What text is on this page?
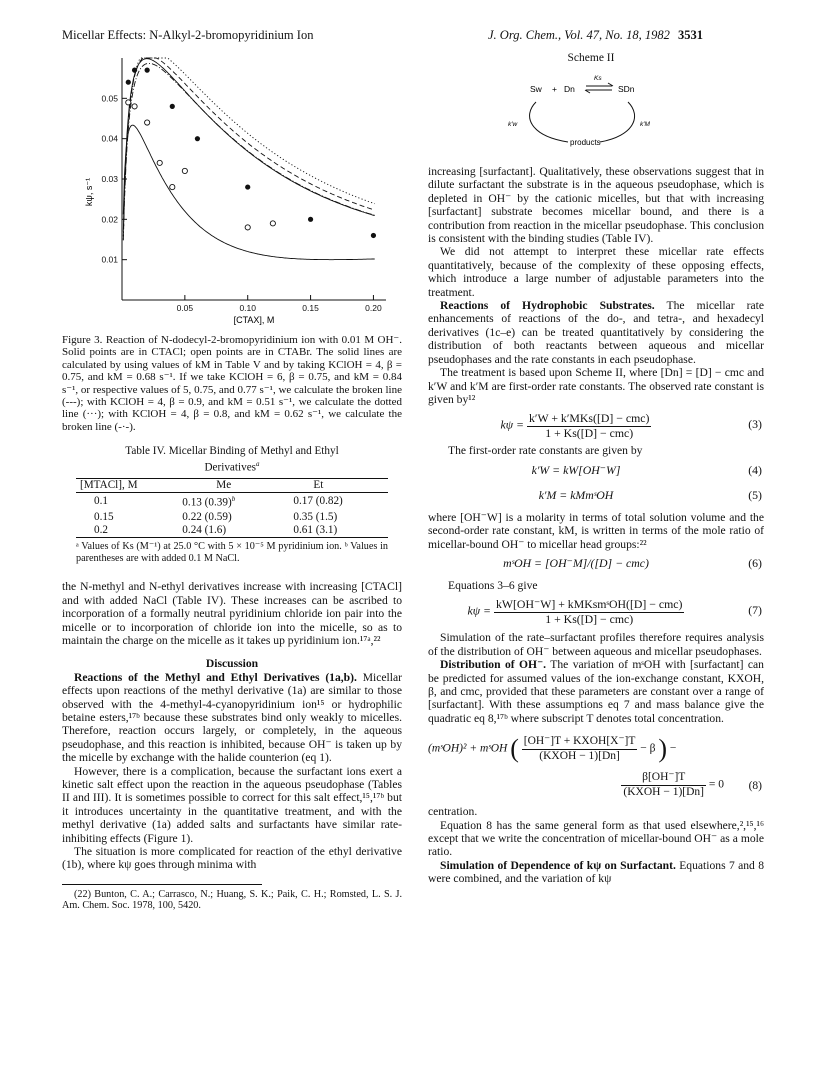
Micellar Effects: N-Alkyl-2-bromopyridinium Ion	J. Org. Chem., Vol. 47, No. 18, 1982 3531
0.05
0.04
0.03
0.02
0.01
0.05	0.10	0.15	0.20
kψ, s⁻¹
[CTAX], M

Figure 3. Reaction of N-dodecyl-2-bromopyridinium ion with 0.01 M OH⁻. Solid points are in CTACl; open points are in CTABr. The solid lines are calculated by using values of kM in Table V and by taking KClOH = 4, β = 0.75, and kM = 0.68 s⁻¹. If we take KClOH = 6, β = 0.75, and kM = 0.84 s⁻¹, or respective values of 5, 0.75, and 0.77 s⁻¹, we calculate the broken line (---); with KClOH = 4, β = 0.9, and kM = 0.51 s⁻¹, we calculate the dotted line (···); with KClOH = 4, β = 0.8, and kM = 0.62 s⁻¹, we calculate the broken line (-·-).

Table IV. Micellar Binding of Methyl and Ethyl Derivatives$^a$
[MTACl], M	Me	Et
0.1	0.13 $(0.39)^b$	0.17 (0.82)
0.15	0.22 (0.59)	0.35 (1.5)
0.2	0.24 (1.6)	0.61 (3.1)

ᵃ Values of Ks (M⁻¹) at 25.0 °C with 5 × 10⁻⁵ M pyridinium ion. ᵇ Values in parentheses are with added 0.1 M NaCl.

the N-methyl and N-ethyl derivatives increase with increasing [CTACl] and with added NaCl (Table IV). These increases can be ascribed to incorporation of a formally neutral pyridinium chloride ion pair into the micelle or to incorporation of chloride ion into the micelle, so as to maintain the charge on the micelle as it takes up pyridinium ion.¹⁷ᵃ,²²

Discussion

Reactions of the Methyl and Ethyl Derivatives (1a,b). Micellar effects upon reactions of the methyl derivative (1a) are similar to those observed with the 4-methyl-4-cyanopyridinium ion¹⁵ or hydrophilic betaine esters,¹⁷ᵇ because these substrates bind only weakly to micelles. Therefore, reaction occurs largely, or completely, in the aqueous pseudophase, and this reaction is inhibited, because OH⁻ is taken up by the micelle by exchange with the halide counterion (eq 1).

However, there is a complication, because the surfactant ions exert a kinetic salt effect upon the reaction in the aqueous pseudophase (Tables II and III). It is sometimes possible to correct for this salt effect,¹⁵,¹⁷ᵇ but it introduces uncertainty in the quantitative treatment, and with the methyl derivative (1a) added salts and surfactants have similar rate-inhibiting effects (Figure 1).

The situation is more complicated for reaction of the ethyl derivative (1b), where kψ goes through minima with

(22) Bunton, C. A.; Carrasco, N.; Huang, S. K.; Paik, C. H.; Romsted, L. S. J. Am. Chem. Soc. 1978, 100, 5420.

Scheme II
Sw + Dn
Ks
SDn
k′w	k′M
products

increasing [surfactant]. Qualitatively, these observations suggest that in dilute surfactant the substrate is in the aqueous pseudophase, which is depleted in OH⁻ by the cationic micelles, but that with increasing [surfactant] substrate becomes micellar bound, and there is a contribution from reaction in the micellar pseudophase. This conclusion is consistent with the binding studies (Table IV).

We did not attempt to interpret these micellar rate effects quantitatively, because of the complexity of these opposing effects, which introduce a large number of adjustable parameters into the treatment.

Reactions of Hydrophobic Substrates. The micellar rate enhancements of reactions of the do-, and tetra-, and hexadecyl derivatives (1c–e) can be treated quantitatively by considering the distribution of both reactants between aqueous and micellar pseudophases and the rate constants in each pseudophase.

The treatment is based upon Scheme II, where [Dn] = [D] − cmc and k′W and k′M are first-order rate constants. The observed rate constant is given by¹²

$k\psi = \frac{\text{k′W + k′MKs([D] − cmc)}}{\text{1 + Ks([D] − cmc)}}$	(3)

The first-order rate constants are given by

k′W = kW[OH⁻W]	(4)
k′M = kMmˢOH	(5)

where [OH⁻W] is a molarity in terms of total solution volume and the second-order rate constant, kM, is written in terms of the mole ratio of micellar-bound OH⁻ to micellar head groups:²²

mˢOH = [OH⁻M]/([D] − cmc)	(6)

Equations 3–6 give

$k\psi = \frac{\text{kW[OH⁻W] + kMKsmˢOH([D] − cmc)}}{\text{1 + Ks([D] − cmc)}}$	(7)

Simulation of the rate–surfactant profiles therefore requires analysis of the distribution of OH⁻ between aqueous and micellar pseudophases.

Distribution of OH⁻. The variation of mˢOH with [surfactant] can be predicted for assumed values of the ion-exchange constant, KXOH, β, and cmc, provided that these parameters are constant over a range of [surfactant]. With these assumptions eq 7 and mass balance give the quadratic eq 8,¹⁷ᵇ where subscript T denotes total concentration.

(mˢOH)² + mˢOH ( $\frac{\text{[OH⁻]T + KXOH[X⁻]T}}{\text{(KXOH − 1)[Dn]}} - \beta$ ) −
$\frac{\beta[OH^-]T}{\text{(KXOH − 1)[Dn]}} = 0$ (8)

centration.

Equation 8 has the same general form as that used elsewhere,²,¹⁵,¹⁶ except that we write the concentration of micellar-bound OH⁻ as a mole ratio.

Simulation of Dependence of kψ on Surfactant. Equations 7 and 8 were combined, and the variation of kψ
